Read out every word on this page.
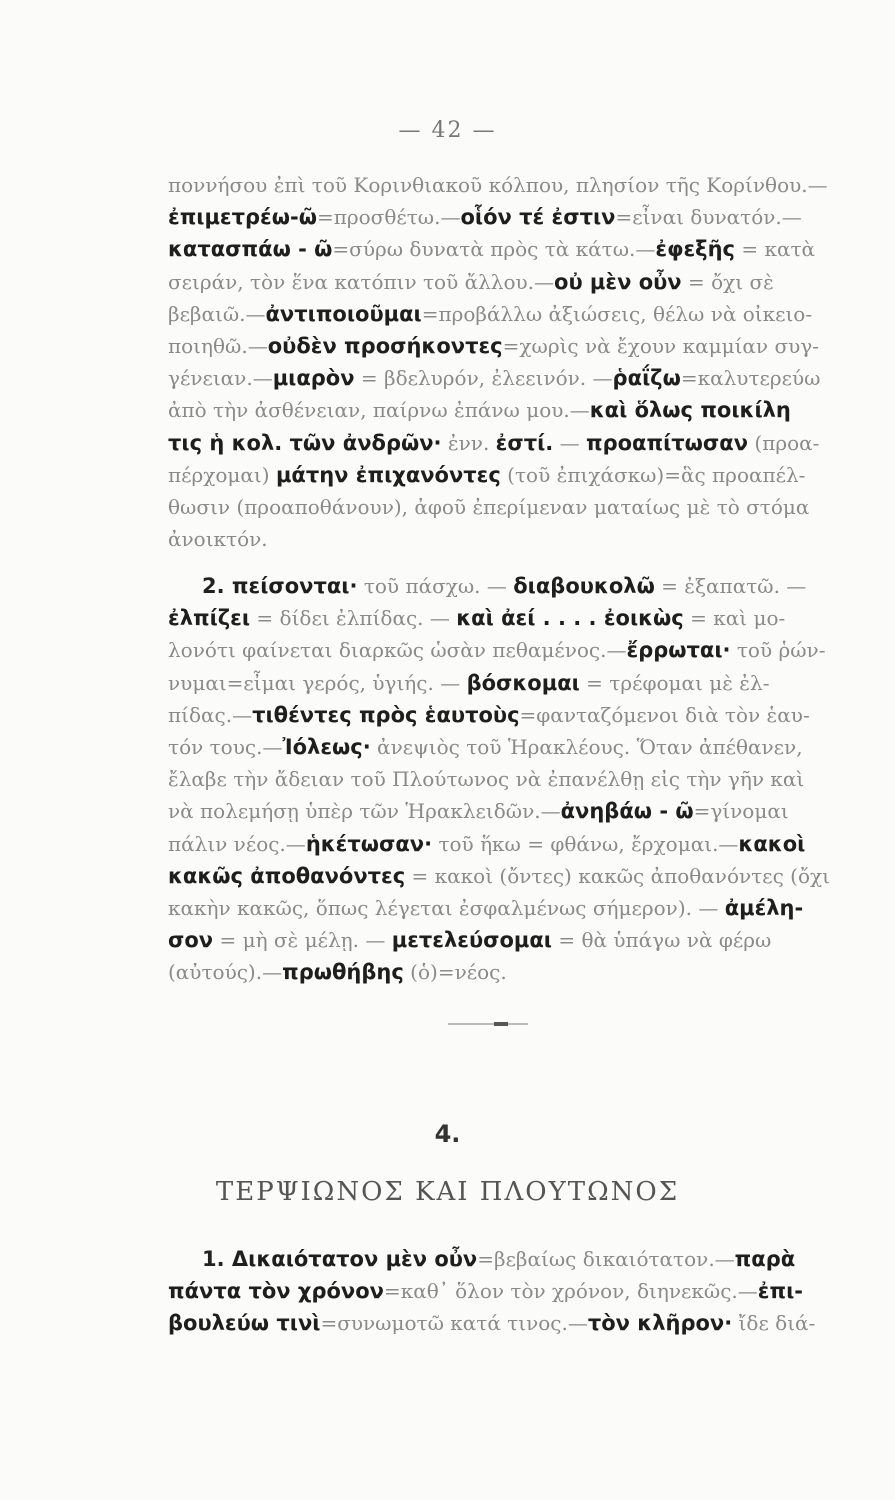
— 42 —
ποννήσου ἐπὶ τοῦ Κορινθιακοῦ κόλπου, πλησίον τῆς Κορίνθου.—
ἐπιμετρέω-ῶ=προσθέτω.—οἷόν τέ ἐστιν=εἶναι δυνατόν.—
κατασπάω - ῶ=σύρω δυνατὰ πρὸς τὰ κάτω.—ἐφεξῆς = κατὰ
σειράν, τὸν ἕνα κατόπιν τοῦ ἄλλου.—οὐ μὲν οὖν = ὄχι σὲ
βεβαιῶ.—ἀντιποιοῦμαι=προβάλλω ἀξιώσεις, θέλω νὰ οἰκειο-
ποιηθῶ.—οὐδὲν προσήκοντες=χωρὶς νὰ ἔχουν καμμίαν συγ-
γένειαν.—μιαρὸν = βδελυρόν, ἐλεεινόν. —ῥαΐζω=καλυτερεύω
ἀπὸ τὴν ἀσθένειαν, παίρνω ἐπάνω μου.—καὶ ὅλως ποικίλη
τις ἡ κολ. τῶν ἀνδρῶν· ἐνν. ἐστί. — προαπίτωσαν (προα-
πέρχομαι) μάτην ἐπιχανόντες (τοῦ ἐπιχάσκω)=ἃς προαπέλ-
θωσιν (προαποθάνουν), ἀφοῦ ἐπερίμεναν ματαίως μὲ τὸ στόμα
ἀνοικτόν.
2. πείσονται· τοῦ πάσχω. — διαβουκολῶ = ἐξαπατῶ. —
ἐλπίζει = δίδει ἐλπίδας. — καὶ ἀεί . . . . ἐοικὼς = καὶ μο-
λονότι φαίνεται διαρκῶς ὡσὰν πεθαμένος.—ἔρρωται· τοῦ ῥών-
νυμαι=εἶμαι γερός, ὑγιής. — βόσκομαι = τρέφομαι μὲ ἐλ-
πίδας.—τιθέντες πρὸς ἑαυτοὺς=φανταζόμενοι διὰ τὸν ἑαυ-
τόν τους.—Ἰόλεως· ἀνεψιὸς τοῦ Ἡρακλέους. Ὅταν ἀπέθανεν,
ἔλαβε τὴν ἄδειαν τοῦ Πλούτωνος νὰ ἐπανέλθῃ εἰς τὴν γῆν καὶ
νὰ πολεμήσῃ ὑπὲρ τῶν Ἡρακλειδῶν.—ἀνηβάω - ῶ=γίνομαι
πάλιν νέος.—ἡκέτωσαν· τοῦ ἥκω = φθάνω, ἔρχομαι.—κακοὶ
κακῶς ἀποθανόντες = κακοὶ (ὄντες) κακῶς ἀποθανόντες (ὄχι
κακὴν κακῶς, ὅπως λέγεται ἐσφαλμένως σήμερον). — ἀμέλη-
σον = μὴ σὲ μέλῃ. — μετελεύσομαι = θὰ ὑπάγω νὰ φέρω
(αὐτούς).—πρωθήβης (ὁ)=νέος.
4.
ΤΕΡΨΙΩΝΟΣ ΚΑΙ ΠΛΟΥΤΩΝΟΣ
1. Δικαιότατον μὲν οὖν=βεβαίως δικαιότατον.—παρὰ
πάντα τὸν χρόνον=καθ᾽ ὅλον τὸν χρόνον, διηνεκῶς.—ἐπι-
βουλεύω τινὶ=συνωμοτῶ κατά τινος.—τὸν κλῆρον· ἴδε διά-
